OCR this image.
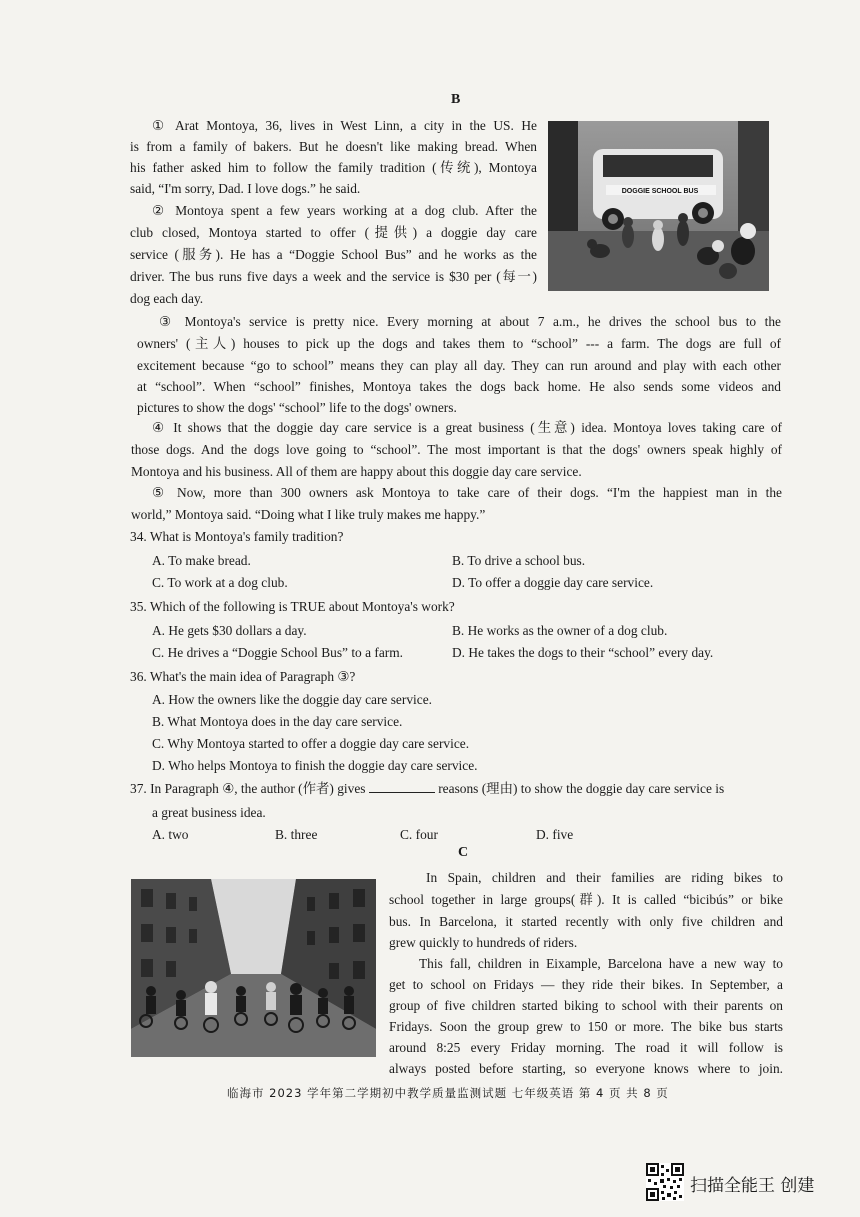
B
① Arat Montoya, 36, lives in West Linn, a city in the US. He
is from a family of bakers. But he doesn't like making bread. When
his father asked him to follow the family tradition (传统), Montoya
said, “I'm sorry, Dad. I love dogs.” he said.
② Montoya spent a few years working at a dog club. After the
club closed, Montoya started to offer (提供) a doggie day care
service (服务). He has a “Doggie School Bus” and he works as the
driver. The bus runs five days a week and the service is $30 per (每一)
dog each day.
DOGGIE SCHOOL BUS
③ Montoya's service is pretty nice. Every morning at about 7 a.m., he drives the school bus to the
owners' (主人) houses to pick up the dogs and takes them to “school” --- a farm. The dogs are full of
excitement because “go to school” means they can play all day. They can run around and play with each other
at “school”. When “school” finishes, Montoya takes the dogs back home. He also sends some videos and
pictures to show the dogs' “school” life to the dogs' owners.
④ It shows that the doggie day care service is a great business (生意) idea. Montoya loves taking care of
those dogs. And the dogs love going to “school”. The most important is that the dogs' owners speak highly of
Montoya and his business. All of them are happy about this doggie day care service.
⑤ Now, more than 300 owners ask Montoya to take care of their dogs. “I'm the happiest man in the
world,” Montoya said. “Doing what I like truly makes me happy.”
34. What is Montoya's family tradition?
A. To make bread.	B. To drive a school bus.
C. To work at a dog club.	D. To offer a doggie day care service.
35. Which of the following is TRUE about Montoya's work?
A. He gets $30 dollars a day.	B. He works as the owner of a dog club.
C. He drives a “Doggie School Bus” to a farm.	D. He takes the dogs to their “school” every day.
36. What's the main idea of Paragraph ③?
A. How the owners like the doggie day care service.
B. What Montoya does in the day care service.
C. Why Montoya started to offer a doggie day care service.
D. Who helps Montoya to finish the doggie day care service.
37. In Paragraph ④, the author (作者) gives	reasons (理由) to show the doggie day care service is
a great business idea.
A. two	B. three	C. four	D. five
C
In Spain, children and their families are riding bikes to
school together in large groups(群). It is called “bicibús” or bike
bus. In Barcelona, it started recently with only five children and
grew quickly to hundreds of riders.
This fall, children in Eixample, Barcelona have a new way to
get to school on Fridays — they ride their bikes. In September, a
group of five children started biking to school with their parents on
Fridays. Soon the group grew to 150 or more. The bike bus starts
around 8:25 every Friday morning. The road it will follow is
always posted before starting, so everyone knows where to join.
临海市 2023 学年第二学期初中教学质量监测试题 七年级英语 第 4 页 共 8 页
扫描全能王 创建
